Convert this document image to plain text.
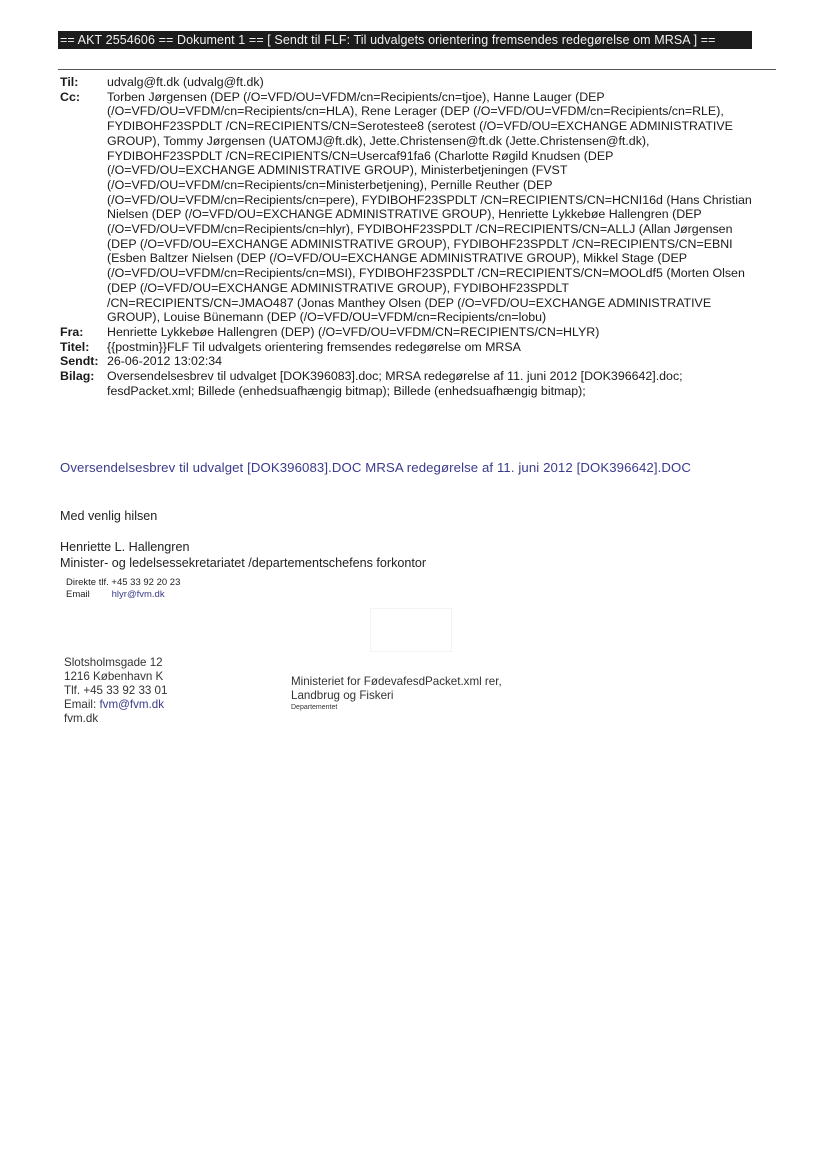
== AKT 2554606 == Dokument 1 == [ Sendt til FLF: Til udvalgets orientering fremsendes redegørelse om MRSA ] ==
Til:	udvalg@ft.dk (udvalg@ft.dk)
Cc:	Torben Jørgensen (DEP (/O=VFD/OU=VFDM/cn=Recipients/cn=tjoe), Hanne Lauger (DEP
(/O=VFD/OU=VFDM/cn=Recipients/cn=HLA), Rene Lerager (DEP (/O=VFD/OU=VFDM/cn=Recipients/cn=RLE),
FYDIBOHF23SPDLT /CN=RECIPIENTS/CN=Serotestee8 (serotest (/O=VFD/OU=EXCHANGE ADMINISTRATIVE
GROUP), Tommy Jørgensen (UATOMJ@ft.dk), Jette.Christensen@ft.dk (Jette.Christensen@ft.dk),
FYDIBOHF23SPDLT /CN=RECIPIENTS/CN=Usercaf91fa6 (Charlotte Røgild Knudsen (DEP
(/O=VFD/OU=EXCHANGE ADMINISTRATIVE GROUP), Ministerbetjeningen (FVST
(/O=VFD/OU=VFDM/cn=Recipients/cn=Ministerbetjening), Pernille Reuther (DEP
(/O=VFD/OU=VFDM/cn=Recipients/cn=pere), FYDIBOHF23SPDLT /CN=RECIPIENTS/CN=HCNI16d (Hans Christian
Nielsen (DEP (/O=VFD/OU=EXCHANGE ADMINISTRATIVE GROUP), Henriette Lykkebøe Hallengren (DEP
(/O=VFD/OU=VFDM/cn=Recipients/cn=hlyr), FYDIBOHF23SPDLT /CN=RECIPIENTS/CN=ALLJ (Allan Jørgensen
(DEP (/O=VFD/OU=EXCHANGE ADMINISTRATIVE GROUP), FYDIBOHF23SPDLT /CN=RECIPIENTS/CN=EBNI
(Esben Baltzer Nielsen (DEP (/O=VFD/OU=EXCHANGE ADMINISTRATIVE GROUP), Mikkel Stage (DEP
(/O=VFD/OU=VFDM/cn=Recipients/cn=MSI), FYDIBOHF23SPDLT /CN=RECIPIENTS/CN=MOOLdf5 (Morten Olsen
(DEP (/O=VFD/OU=EXCHANGE ADMINISTRATIVE GROUP), FYDIBOHF23SPDLT
/CN=RECIPIENTS/CN=JMAO487 (Jonas Manthey Olsen (DEP (/O=VFD/OU=EXCHANGE ADMINISTRATIVE
GROUP), Louise Bünemann (DEP (/O=VFD/OU=VFDM/cn=Recipients/cn=lobu)
Fra:	Henriette Lykkebøe Hallengren (DEP) (/O=VFD/OU=VFDM/CN=RECIPIENTS/CN=HLYR)
Titel:	{{postmin}}FLF Til udvalgets orientering fremsendes redegørelse om MRSA
Sendt: 26-06-2012 13:02:34
Bilag:	Oversendelsesbrev til udvalget [DOK396083].doc; MRSA redegørelse af 11. juni 2012 [DOK396642].doc;
fesdPacket.xml; Billede (enhedsuafhængig bitmap); Billede (enhedsuafhængig bitmap);
Oversendelsesbrev til udvalget [DOK396083].DOC MRSA redegørelse af 11. juni 2012 [DOK396642].DOC
Med venlig hilsen
Henriette L. Hallengren
Minister- og ledelsessekretariatet /departementschefens forkontor
Direkte tlf. +45 33 92 20 23
Email hlyr@fvm.dk
Slotsholmsgade 12
1216 København K
Tlf. +45 33 92 33 01
Email: fvm@fvm.dk
fvm.dk
Ministeriet for FødevafesdPacket.xml rer,
Landbrug og Fiskeri
Departementet
